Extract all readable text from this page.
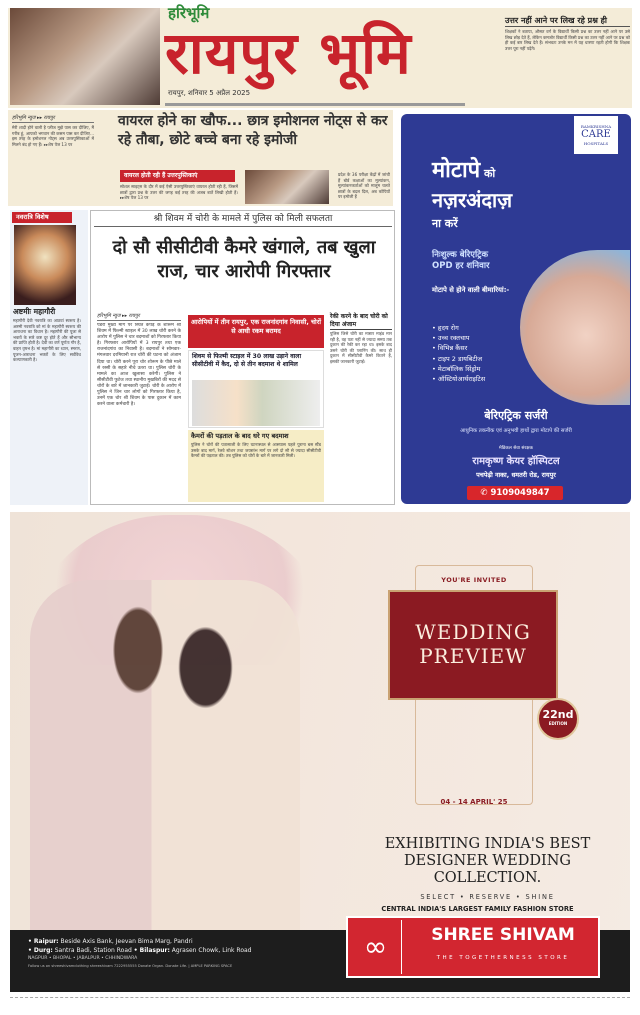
हरिभूमि
रायपुर भूमि
रायपुर, शनिवार 5 अप्रैल 2025
उत्तर नहीं आने पर लिख रहे प्रश्न ही

शिक्षकों ने बताया, औसत वर्ग के विद्यार्थी किसी प्रश्न का उत्तर नहीं आने पर उसे लिख छोड़ देते हैं, लेकिन कमजोर विद्यार्थी किसी प्रश्न का उत्तर नहीं आने पर प्रश्न को ही कई बार लिख देते हैं। संभवतः उनके मन में यह धारणा रहती होगी कि शिक्षक उत्तर पूरा नहीं पढ़ेंगे।

हरिभूमि न्यूज ▸▸ रायपुर

मेरी शादी होने वाली है प्लीज मुझे पास कर दीजिए, मैं गरीब हूं, आपको भगवान की कसम पास कर दीजिए... इस तरह के इमोशनल नोट्स अब उत्तरपुस्तिकाओं में मिलने बंद हो गए हैं। ▸▸शेष पेज 13 पर

वायरल होने का खौफ... छात्र इमोशनल नोट्स से कर रहे तौबा, छोटे बच्चे बना रहे इमोजी
वायरल होती रही हैं उत्तरपुस्तिकाएं

सोशल साइट्स के दौर में कई ऐसी उत्तरपुस्तिकाएं वायरल होती रही हैं, जिसमें छात्रों द्वारा प्रश्न के उत्तर की जगह कई तरह की अजब बातें लिखी होती हैं। ▸▸शेष पेज 13 पर

प्रदेश के 36 परीक्षा केंद्रों में जांची हैं बोर्ड कक्षाओं का मूल्यांकन, मूल्यांकनकर्ताओं को मालूम चलते छात्रों के बदल दिल, अब कॉपियों पर इमोजी हैं

नवरात्रि विशेष
अष्टमीः महागौरी

महागौरी देवी नवरात्रि का आठवां स्वरूप है। अष्टमी नवरात्रि को मां के महागौरी स्वरूप की आराधना का विधान है। महागौरी की पूजा से भक्तों के सारे कष्ट दूर होते हैं और सौभाग्य की प्राप्ति होती है। देवी का वर्ण पूर्णतः गौर है, वाहन वृषभ है। मां महागौरी का ध्यान, स्मरण, पूजन-आराधना भक्तों के लिए सर्वविध कल्याणकारी है।

श्री शिवम में चोरी के मामले में पुलिस को मिली सफलता
दो सौ सीसीटीवी कैमरे खंगाले, तब खुला राज, चार आरोपी गिरफ्तार
हरिभूमि न्यूज ▸▸ रायपुर

पंडरी मुख्य मार्ग पर स्थित कपड़े के शोरूम श्री शिवम में फिल्मी स्टाइल में 30 लाख चोरी करने के आरोप में पुलिस ने चार बदमाशों को गिरफ्तार किया है। गिरफ्तार आरोपियों में 3 रायपुर तथा एक राजनांदगांव का निवासी है। बदमाशों ने सोमवार-मंगलवार दरमियानी रात चोरी की घटना को अंजाम दिया था। चोरी करने पूरा चोर शोरूम के पीछे माले से रस्सी के सहारे नीचे उतरा था। पुलिस चोरी के मामले का आज खुलासा करेगी। पुलिस ने सीसीटीवी फुटेज तथा स्थानीय मुखबिरों की मदद से चोरों के बारे में जानकारी जुटाई। चोरी के आरोप में पुलिस ने जिन चार लोगों को गिरफ्तार किया है, उनमें एक चोर श्री शिवम के पास दुकान में काम करने वाला कर्मचारी है।

आरोपियों में तीन रायपुर, एक राजनांदगांव निवासी, चोरों से आधी रकम बरामद
शिवम से फिल्मी स्टाइल में 30 लाख उड़ाने वाला सीसीटीवी में कैद, दो से तीन बदमाश थे शामिल
कैमरों की पड़ताल के बाद धरे गए बदमाश

पुलिस ने चोरों की पतासाजी के लिए घटनास्थल से आसपास पहले पुराना बस स्टैंड उसके बाद मार्ग, रेलवे स्टेशन तथा जयस्तंभ मार्ग पर लगे दो सौ से ज्यादा सीसीटीवी कैमरों की पड़ताल की। तब पुलिस को चोरों के बारे में जानकारी मिली।

रेकी करने के बाद चोरी को दिया अंजाम

पुलिस जिसे चोरी का मास्टर माइंड मान रही है, वह पता नहीं से ज्यादा समय तक दुकान की रेकी कर रहा था। इसके बाद उसने चोरी की प्लानिंग की। साथ ही दुकान में सीसीटीवी कैमरे कितने हैं, इसकी जानकारी जुटाई।

RAMKRISHNA
CARE
HOSPITALS
मोटापे को
नज़रअंदाज़
ना करें
निःशुल्क बेरिएट्रिक
OPD हर शनिवार
मोटापे से होने वाली बीमारियां:-
• हृदय रोग
• उच्च रक्तचाप
• विभिन्न कैंसर
• टाइप 2 डायबिटीज
• मेटाबॉलिक सिंड्रोम
• ऑस्टियोआर्थराइटिस
बेरिएट्रिक सर्जरी
आधुनिक तकनीक एवं अनुभवी हाथों द्वारा मोटापे की सर्जरी
मेडिकल सेवा संरक्षक
रामकृष्ण केयर हॉस्पिटल
पचपेढ़ी नाका, धमतरी रोड, रायपुर
✆ 9109049847
YOU'RE INVITED
WEDDING
PREVIEW
22nd
EDITION
04 - 14 APRIL' 25
EXHIBITING INDIA'S BEST DESIGNER WEDDING COLLECTION.
SELECT • RESERVE • SHINE
CENTRAL INDIA'S LARGEST FAMILY FASHION STORE
• Raipur: Beside Axis Bank, Jeevan Bima Marg, Pandri
• Durg: Santra Badi, Station Road • Bilaspur: Agrasen Chowk, Link Road
NAGPUR • BHOPAL • JABALPUR • CHHINDWARA
Follow us on shreeshivamclothing shreeshivam 7222955555 Donate Organ. Donate Life. | AMPLE PARKING SPACE
∞	SHREE SHIVAM
THE TOGETHERNESS STORE
